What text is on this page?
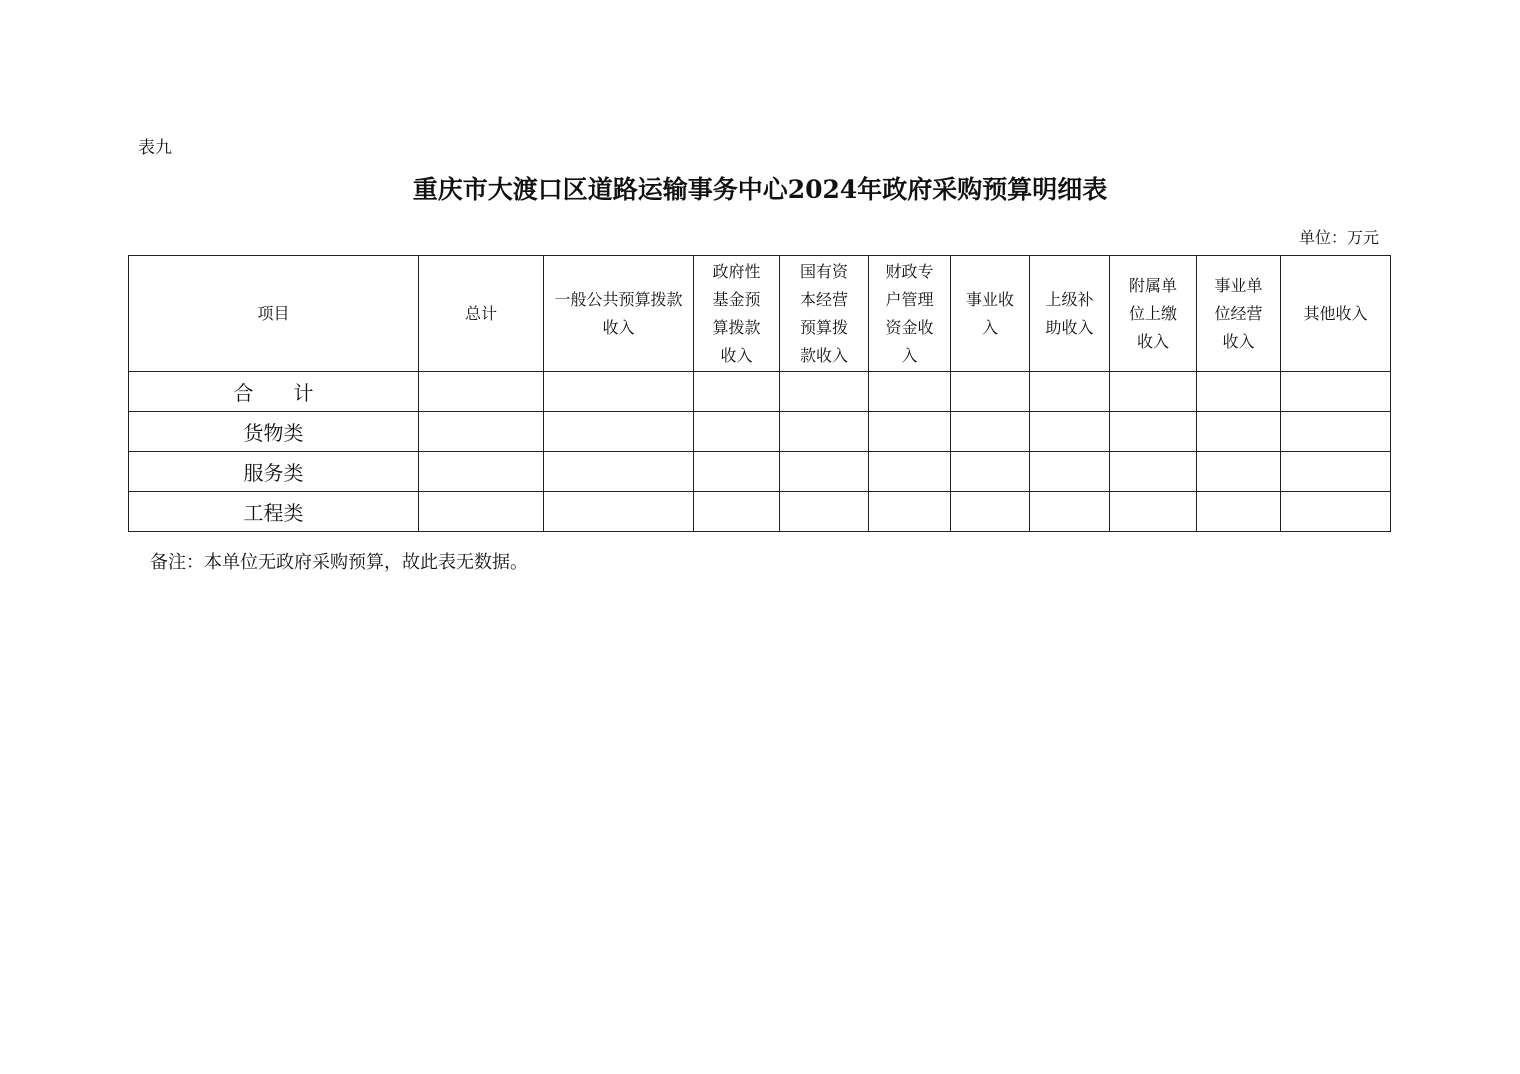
表九
重庆市大渡口区道路运输事务中心2024年政府采购预算明细表
单位：万元
项目	总计	一般公共预算拨款收入	政府性基金预算拨款收入	国有资本经营预算拨款收入	财政专户管理资金收入	事业收入	上级补助收入	附属单位上缴收入	事业单位经营收入	其他收入
合　　计										
货物类										
服务类										
工程类										
备注：本单位无政府采购预算，故此表无数据。
